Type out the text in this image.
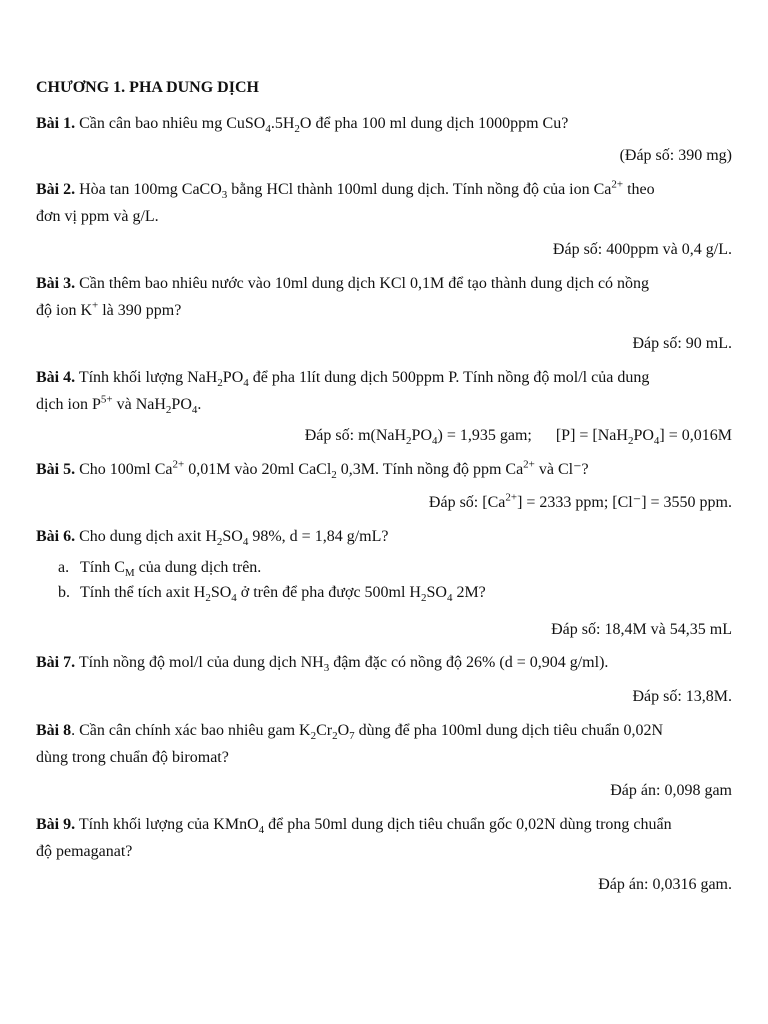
CHƯƠNG 1. PHA DUNG DỊCH
Bài 1. Cần cân bao nhiêu mg $CuSO_4.5H_2O$ để pha 100 ml dung dịch 1000ppm Cu?
(Đáp số: 390 mg)
Bài 2. Hòa tan 100mg CaCO$_3$ bằng HCl thành 100ml dung dịch. Tính nồng độ của ion $Ca^{2+}$ theo
đơn vị ppm và g/L.
Đáp số: 400ppm và 0,4 g/L.
Bài 3. Cần thêm bao nhiêu nước vào 10ml dung dịch KCl 0,1M để tạo thành dung dịch có nồng
độ ion K+ là 390 ppm?
Đáp số: 90 mL.
Bài 4. Tính khối lượng $NaH_2PO_4$ để pha 1lít dung dịch 500ppm P. Tính nồng độ mol/l của dung
dịch ion $P^{5+}$ và $NaH_2PO_4$.
Đáp số: $m(NaH_2PO_4) = 1,935$ gam;      $[P] = [NaH_2PO_4] = 0,016M$
Bài 5. Cho 100ml $Ca^{2+}$ 0,01M vào 20ml CaCl$_2$ 0,3M. Tính nồng độ ppm $Ca^{2+}$ và Cl⁻?
Đáp số: $[Ca^{2+}] = 2333$ ppm; [Cl⁻] = 3550 ppm.
Bài 6. Cho dung dịch axit $H_2SO_4$ 98%, d = 1,84 g/mL?
a. Tính $C_M$ của dung dịch trên.
b. Tính thể tích axit $H_2SO_4$ ở trên để pha được 500ml $H_2SO_4$ 2M?
Đáp số: 18,4M và 54,35 mL
Bài 7. Tính nồng độ mol/l của dung dịch $NH_3$ đậm đặc có nồng độ 26% (d = 0,904 g/ml).
Đáp số: 13,8M.
Bài 8. Cần cân chính xác bao nhiêu gam $K_2Cr_2O_7$ dùng để pha 100ml dung dịch tiêu chuẩn 0,02N
dùng trong chuẩn độ biromat?
Đáp án: 0,098 gam
Bài 9. Tính khối lượng của KMnO$_4$ để pha 50ml dung dịch tiêu chuẩn gốc 0,02N dùng trong chuẩn
độ pemaganat?
Đáp án: 0,0316 gam.
